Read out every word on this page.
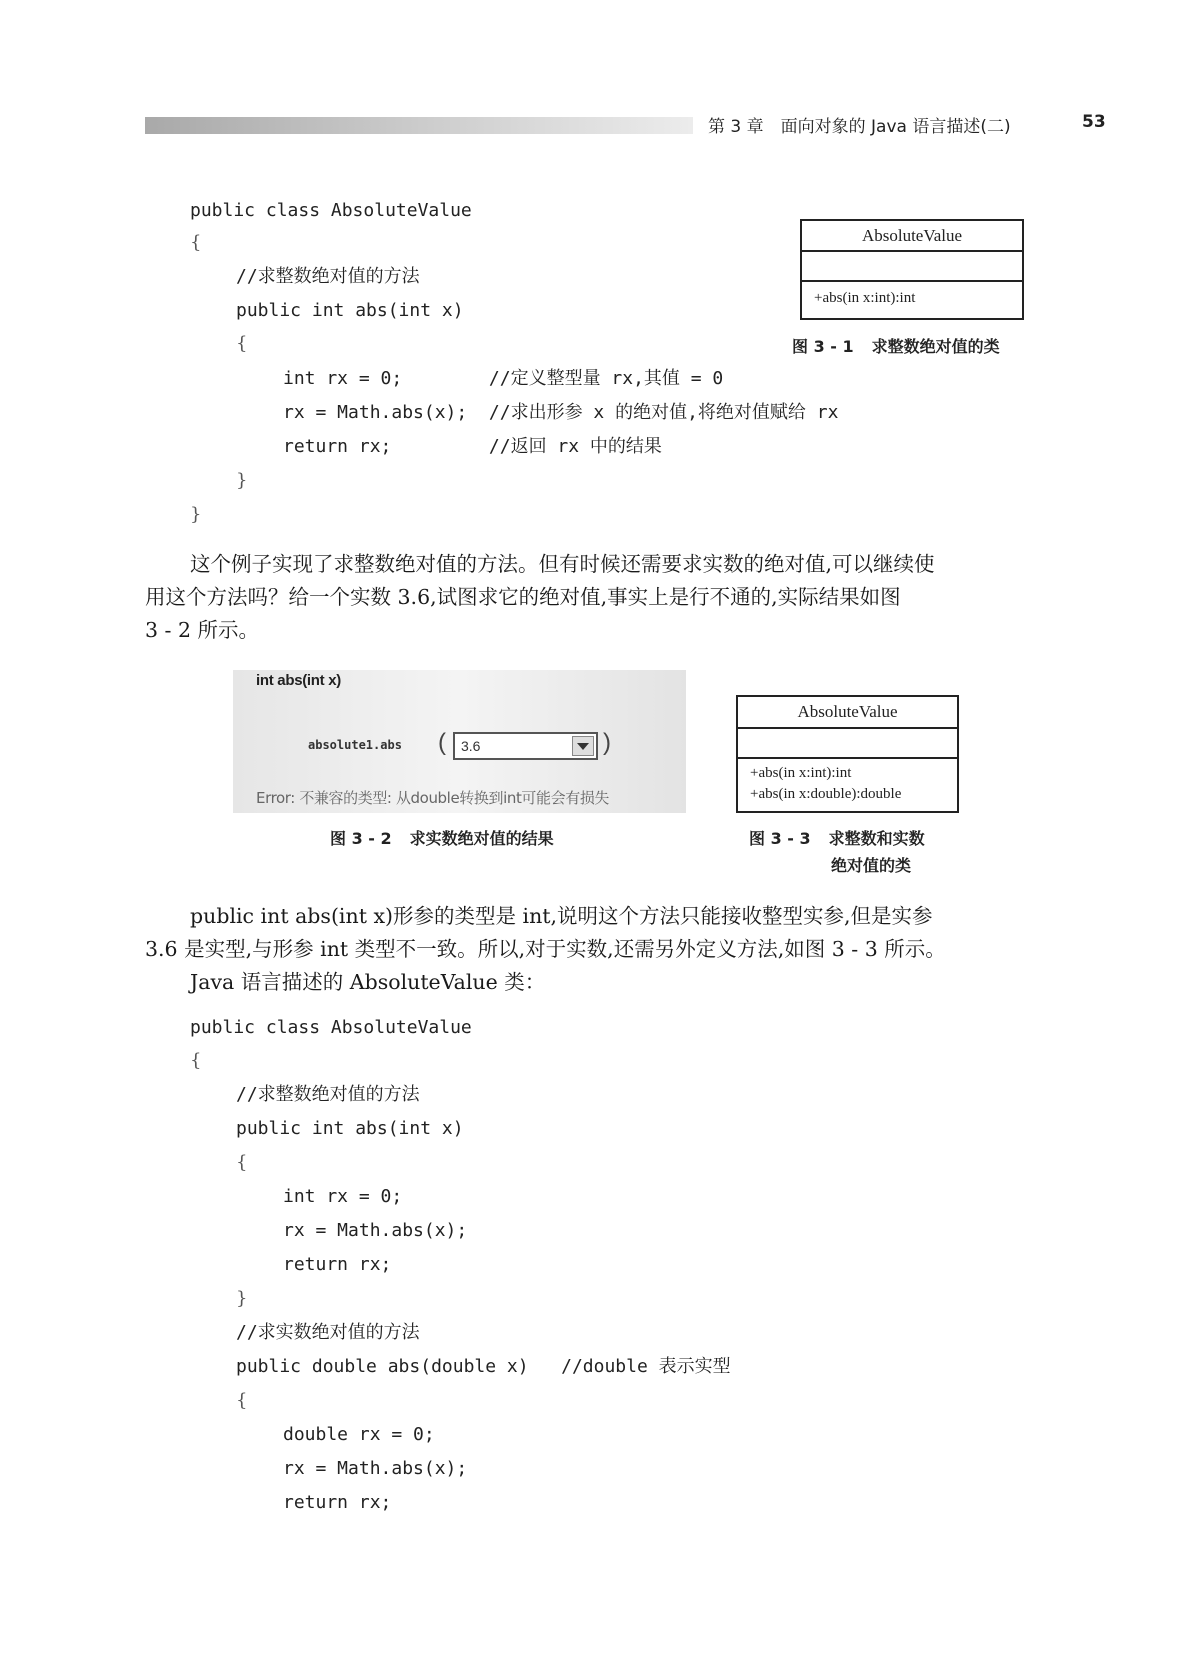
第 3 章　面向对象的 Java 语言描述(二)	53
public class AbsoluteValue
{
//求整数绝对值的方法
public int abs(int x)
{
int rx = 0;        //定义整型量 rx,其值 = 0
rx = Math.abs(x);  //求出形参 x 的绝对值,将绝对值赋给 rx
return rx;         //返回 rx 中的结果
}
}
AbsoluteValue
+abs(in x:int):int
图 3 - 1 求整数绝对值的类
这个例子实现了求整数绝对值的方法。但有时候还需要求实数的绝对值,可以继续使
用这个方法吗？给一个实数 3.6,试图求它的绝对值,事实上是行不通的,实际结果如图
3 - 2 所示。
int abs(int x)
absolute1.abs ( 3.6	)
Error: 不兼容的类型: 从double转换到int可能会有损失
图 3 - 2 求实数绝对值的结果
AbsoluteValue
+abs(in x:int):int
+abs(in x:double):double
图 3 - 3 求整数和实数
绝对值的类
public int abs(int x)形参的类型是 int,说明这个方法只能接收整型实参,但是实参
3.6 是实型,与形参 int 类型不一致。所以,对于实数,还需另外定义方法,如图 3 - 3 所示。
Java 语言描述的 AbsoluteValue 类：
public class AbsoluteValue
{
//求整数绝对值的方法
public int abs(int x)
{
int rx = 0;
rx = Math.abs(x);
return rx;
}
//求实数绝对值的方法
public double abs(double x)   //double 表示实型
{
double rx = 0;
rx = Math.abs(x);
return rx;
